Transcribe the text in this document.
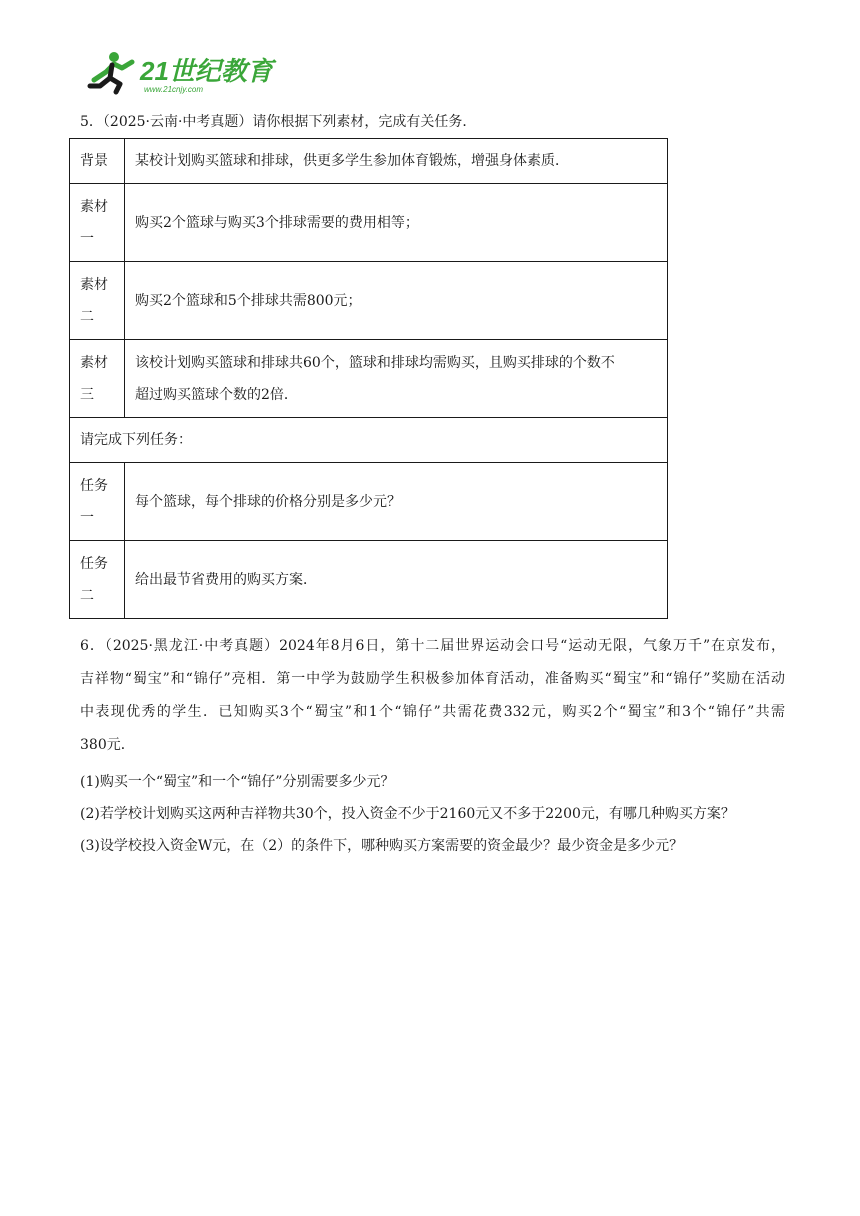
21世纪教育
www.21cnjy.com
5．（2025·云南·中考真题）请你根据下列素材，完成有关任务．
背景	某校计划购买篮球和排球，供更多学生参加体育锻炼，增强身体素质．

素材
一	购买2个篮球与购买3个排球需要的费用相等；

素材
二	购买2个篮球和5个排球共需800元；

素材
三	该校计划购买篮球和排球共60个，篮球和排球均需购买，且购买排球的个数不
超过购买篮球个数的2倍．

请完成下列任务：	

任务
一	每个篮球，每个排球的价格分别是多少元？

任务
二	给出最节省费用的购买方案．
6．（2025·黑龙江·中考真题）2024年8月6日，第十二届世界运动会口号“运动无限，气象万千”在京发布，
吉祥物“蜀宝”和“锦仔”亮相．第一中学为鼓励学生积极参加体育活动，准备购买“蜀宝”和“锦仔”奖励在活动
中表现优秀的学生．已知购买3个“蜀宝”和1个“锦仔”共需花费332元，购买2个“蜀宝”和3个“锦仔”共需
380元．
(1)购买一个“蜀宝”和一个“锦仔”分别需要多少元？
(2)若学校计划购买这两种吉祥物共30个，投入资金不少于2160元又不多于2200元，有哪几种购买方案？
(3)设学校投入资金W元，在（2）的条件下，哪种购买方案需要的资金最少？最少资金是多少元？
